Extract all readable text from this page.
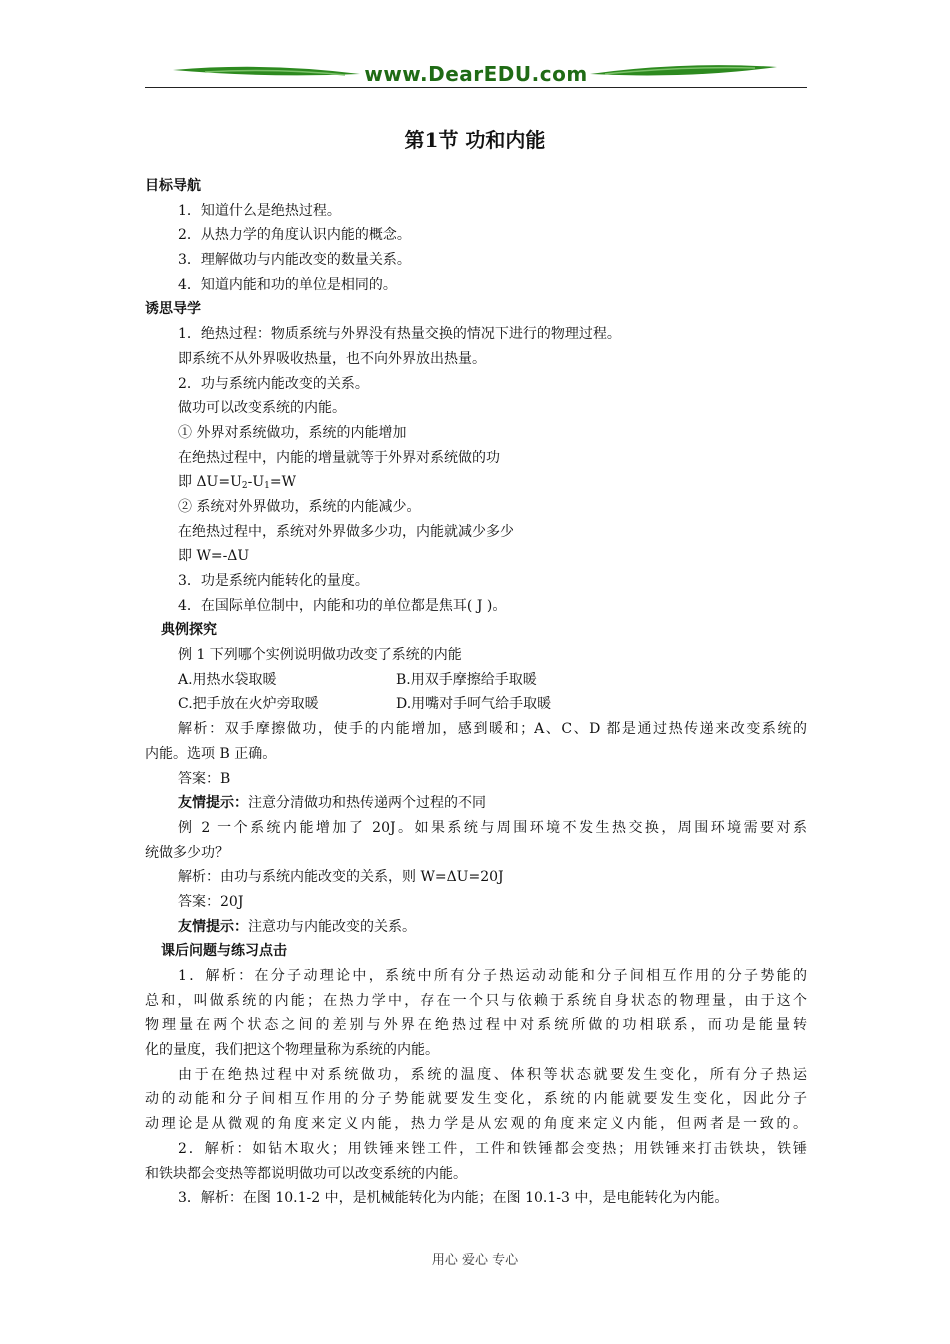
www.DearEDU.com
第1节 功和内能
目标导航
1．知道什么是绝热过程。
2．从热力学的角度认识内能的概念。
3．理解做功与内能改变的数量关系。
4．知道内能和功的单位是相同的。
诱思导学
1．绝热过程：物质系统与外界没有热量交换的情况下进行的物理过程。
即系统不从外界吸收热量，也不向外界放出热量。
2．功与系统内能改变的关系。
做功可以改变系统的内能。
① 外界对系统做功，系统的内能增加
在绝热过程中，内能的增量就等于外界对系统做的功
即 $\Delta U=U_2-U_1=W$
② 系统对外界做功，系统的内能减少。
在绝热过程中，系统对外界做多少功，内能就减少多少
即 W=-ΔU
3．功是系统内能转化的量度。
4．在国际单位制中，内能和功的单位都是焦耳( J )。
典例探究
例 1 下列哪个实例说明做功改变了系统的内能
A.用热水袋取暖	B.用双手摩擦给手取暖
C.把手放在火炉旁取暖	D.用嘴对手呵气给手取暖
解析：双手摩擦做功，使手的内能增加，感到暖和；A、C、D 都是通过热传递来改变系统的
内能。选项 B 正确。
答案：B
友情提示：注意分清做功和热传递两个过程的不同
例 2 一个系统内能增加了 20J。如果系统与周围环境不发生热交换，周围环境需要对系
统做多少功？
解析：由功与系统内能改变的关系，则 W=ΔU=20J
答案：20J
友情提示：注意功与内能改变的关系。
课后问题与练习点击
1．解析：在分子动理论中，系统中所有分子热运动动能和分子间相互作用的分子势能的
总和，叫做系统的内能；在热力学中，存在一个只与依赖于系统自身状态的物理量，由于这个
物理量在两个状态之间的差别与外界在绝热过程中对系统所做的功相联系，而功是能量转
化的量度，我们把这个物理量称为系统的内能。
由于在绝热过程中对系统做功，系统的温度、体积等状态就要发生变化，所有分子热运
动的动能和分子间相互作用的分子势能就要发生变化，系统的内能就要发生变化，因此分子
动理论是从微观的角度来定义内能，热力学是从宏观的角度来定义内能，但两者是一致的。
2．解析：如钻木取火；用铁锤来锉工件，工件和铁锤都会变热；用铁锤来打击铁块，铁锤
和铁块都会变热等都说明做功可以改变系统的内能。
3．解析：在图 10.1-2 中，是机械能转化为内能；在图 10.1-3 中，是电能转化为内能。
用心 爱心 专心
